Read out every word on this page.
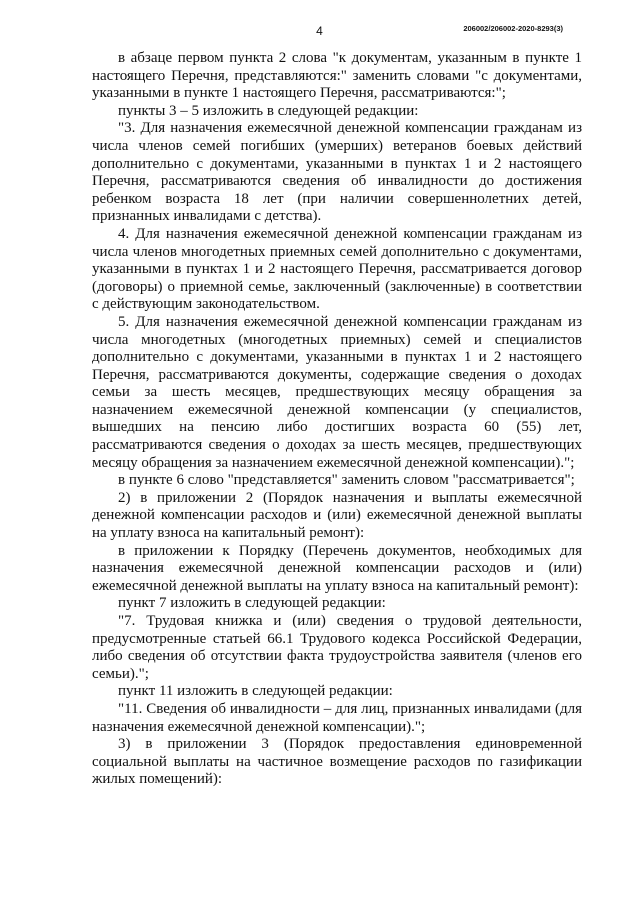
4	206002/206002-2020-8293(3)

в абзаце первом пункта 2 слова "к документам, указанным в пункте 1 настоящего Перечня, представляются:" заменить словами "с документами, указанными в пункте 1 настоящего Перечня, рассматриваются:";

пункты 3 – 5 изложить в следующей редакции:

"3. Для назначения ежемесячной денежной компенсации гражданам из числа членов семей погибших (умерших) ветеранов боевых действий дополнительно с документами, указанными в пунктах 1 и 2 настоящего Перечня, рассматриваются сведения об инвалидности до достижения ребенком возраста 18 лет (при наличии совершеннолетних детей, признанных инвалидами с детства).

4. Для назначения ежемесячной денежной компенсации гражданам из числа членов многодетных приемных семей дополнительно с документами, указанными в пунктах 1 и 2 настоящего Перечня, рассматривается договор (договоры) о приемной семье, заключенный (заключенные) в соответствии с действующим законодательством.

5. Для назначения ежемесячной денежной компенсации гражданам из числа многодетных (многодетных приемных) семей и специалистов дополнительно с документами, указанными в пунктах 1 и 2 настоящего Перечня, рассматриваются документы, содержащие сведения о доходах семьи за шесть месяцев, предшествующих месяцу обращения за назначением ежемесячной денежной компенсации (у специалистов, вышедших на пенсию либо достигших возраста 60 (55) лет, рассматриваются сведения о доходах за шесть месяцев, предшествующих месяцу обращения за назначением ежемесячной денежной компенсации).";

в пункте 6 слово "представляется" заменить словом "рассматривается";

2) в приложении 2 (Порядок назначения и выплаты ежемесячной денежной компенсации расходов и (или) ежемесячной денежной выплаты на уплату взноса на капитальный ремонт):

в приложении к Порядку (Перечень документов, необходимых для назначения ежемесячной денежной компенсации расходов и (или) ежемесячной денежной выплаты на уплату взноса на капитальный ремонт):

пункт 7 изложить в следующей редакции:

"7. Трудовая книжка и (или) сведения о трудовой деятельности, предусмотренные статьей 66.1 Трудового кодекса Российской Федерации, либо сведения об отсутствии факта трудоустройства заявителя (членов его семьи).";

пункт 11 изложить в следующей редакции:

"11. Сведения об инвалидности – для лиц, признанных инвалидами (для назначения ежемесячной денежной компенсации).";

3) в приложении 3 (Порядок предоставления единовременной социальной выплаты на частичное возмещение расходов по газификации жилых помещений):
